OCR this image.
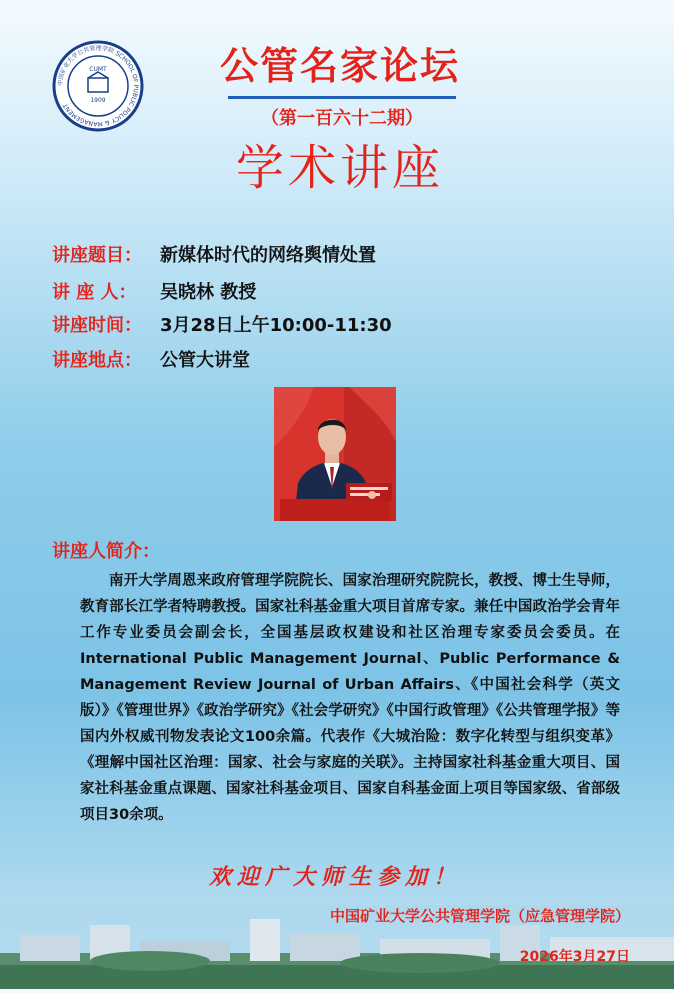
中国矿业大学公共管理学院 SCHOOL OF PUBLIC POLICY & MANAGEMENT
CUMT
1909
公管名家论坛
（第一百六十二期）
学术讲座
讲座题目： 新媒体时代的网络舆情处置
讲 座 人： 吴晓林 教授
讲座时间： 3月28日上午10:00-11:30
讲座地点： 公管大讲堂
讲座人简介：
南开大学周恩来政府管理学院院长、国家治理研究院院长，教授、博士生导师，教育部长江学者特聘教授。国家社科基金重大项目首席专家。兼任中国政治学会青年工作专业委员会副会长，全国基层政权建设和社区治理专家委员会委员。在International Public Management Journal、Public Performance & Management Review Journal of Urban Affairs、《中国社会科学（英文版）》《管理世界》《政治学研究》《社会学研究》《中国行政管理》《公共管理学报》等国内外权威刊物发表论文100余篇。代表作《大城治险：数字化转型与组织变革》《理解中国社区治理：国家、社会与家庭的关联》。主持国家社科基金重大项目、国家社科基金重点课题、国家社科基金项目、国家自科基金面上项目等国家级、省部级项目30余项。
欢迎广大师生参加！
中国矿业大学公共管理学院（应急管理学院）
2026年3月27日
